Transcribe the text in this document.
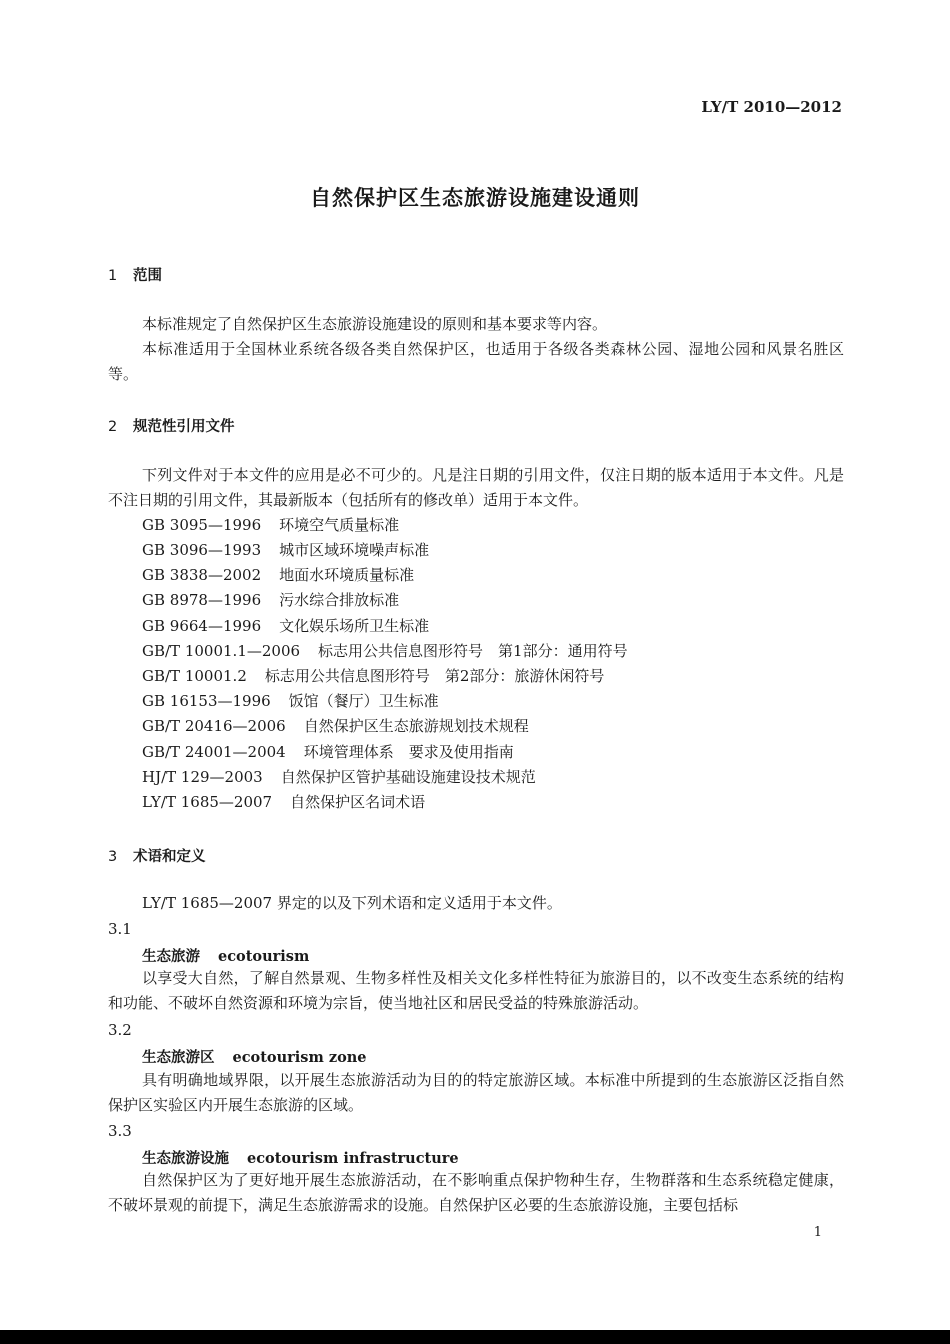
LY/T 2010—2012
自然保护区生态旅游设施建设通则
1 范围

本标准规定了自然保护区生态旅游设施建设的原则和基本要求等内容。

本标准适用于全国林业系统各级各类自然保护区，也适用于各级各类森林公园、湿地公园和风景名胜区等。

2 规范性引用文件

下列文件对于本文件的应用是必不可少的。凡是注日期的引用文件，仅注日期的版本适用于本文件。凡是不注日期的引用文件，其最新版本（包括所有的修改单）适用于本文件。

GB 3095—1996 环境空气质量标准
GB 3096—1993 城市区域环境噪声标准
GB 3838—2002 地面水环境质量标准
GB 8978—1996 污水综合排放标准
GB 9664—1996 文化娱乐场所卫生标准
GB/T 10001.1—2006 标志用公共信息图形符号　第1部分：通用符号
GB/T 10001.2 标志用公共信息图形符号　第2部分：旅游休闲符号
GB 16153—1996 饭馆（餐厅）卫生标准
GB/T 20416—2006 自然保护区生态旅游规划技术规程
GB/T 24001—2004 环境管理体系　要求及使用指南
HJ/T 129—2003 自然保护区管护基础设施建设技术规范
LY/T 1685—2007 自然保护区名词术语
3 术语和定义

LY/T 1685—2007 界定的以及下列术语和定义适用于本文件。

3.1
生态旅游 ecotourism

以享受大自然，了解自然景观、生物多样性及相关文化多样性特征为旅游目的，以不改变生态系统的结构和功能、不破坏自然资源和环境为宗旨，使当地社区和居民受益的特殊旅游活动。

3.2
生态旅游区 ecotourism zone

具有明确地域界限，以开展生态旅游活动为目的的特定旅游区域。本标准中所提到的生态旅游区泛指自然保护区实验区内开展生态旅游的区域。

3.3
生态旅游设施 ecotourism infrastructure

自然保护区为了更好地开展生态旅游活动，在不影响重点保护物种生存，生物群落和生态系统稳定健康，不破坏景观的前提下，满足生态旅游需求的设施。自然保护区必要的生态旅游设施，主要包括标

1
